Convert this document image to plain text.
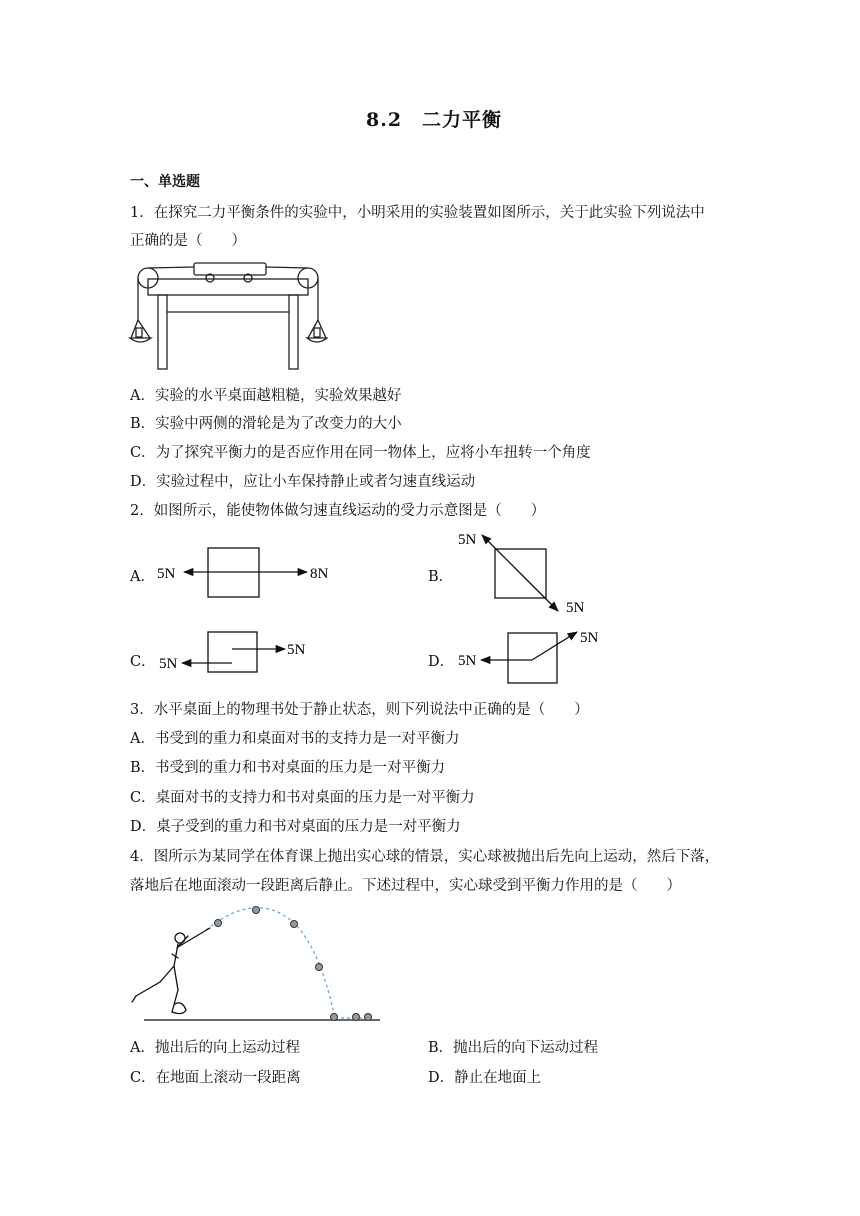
8.2　二力平衡
一、单选题
1．在探究二力平衡条件的实验中，小明采用的实验装置如图所示，关于此实验下列说法中
正确的是（　　）
A．实验的水平桌面越粗糙，实验效果越好
B．实验中两侧的滑轮是为了改变力的大小
C．为了探究平衡力的是否应作用在同一物体上，应将小车扭转一个角度
D．实验过程中，应让小车保持静止或者匀速直线运动
2．如图所示，能使物体做匀速直线运动的受力示意图是（　　）
A． 5N	8N	B．
5N
5N
C． 5N
5N
D． 5N
5N
3．水平桌面上的物理书处于静止状态，则下列说法中正确的是（　　）
A．书受到的重力和桌面对书的支持力是一对平衡力
B．书受到的重力和书对桌面的压力是一对平衡力
C．桌面对书的支持力和书对桌面的压力是一对平衡力
D．桌子受到的重力和书对桌面的压力是一对平衡力
4．图所示为某同学在体育课上抛出实心球的情景，实心球被抛出后先向上运动，然后下落，
落地后在地面滚动一段距离后静止。下述过程中，实心球受到平衡力作用的是（　　）
A．抛出后的向上运动过程	B．抛出后的向下运动过程
C．在地面上滚动一段距离	D．静止在地面上
